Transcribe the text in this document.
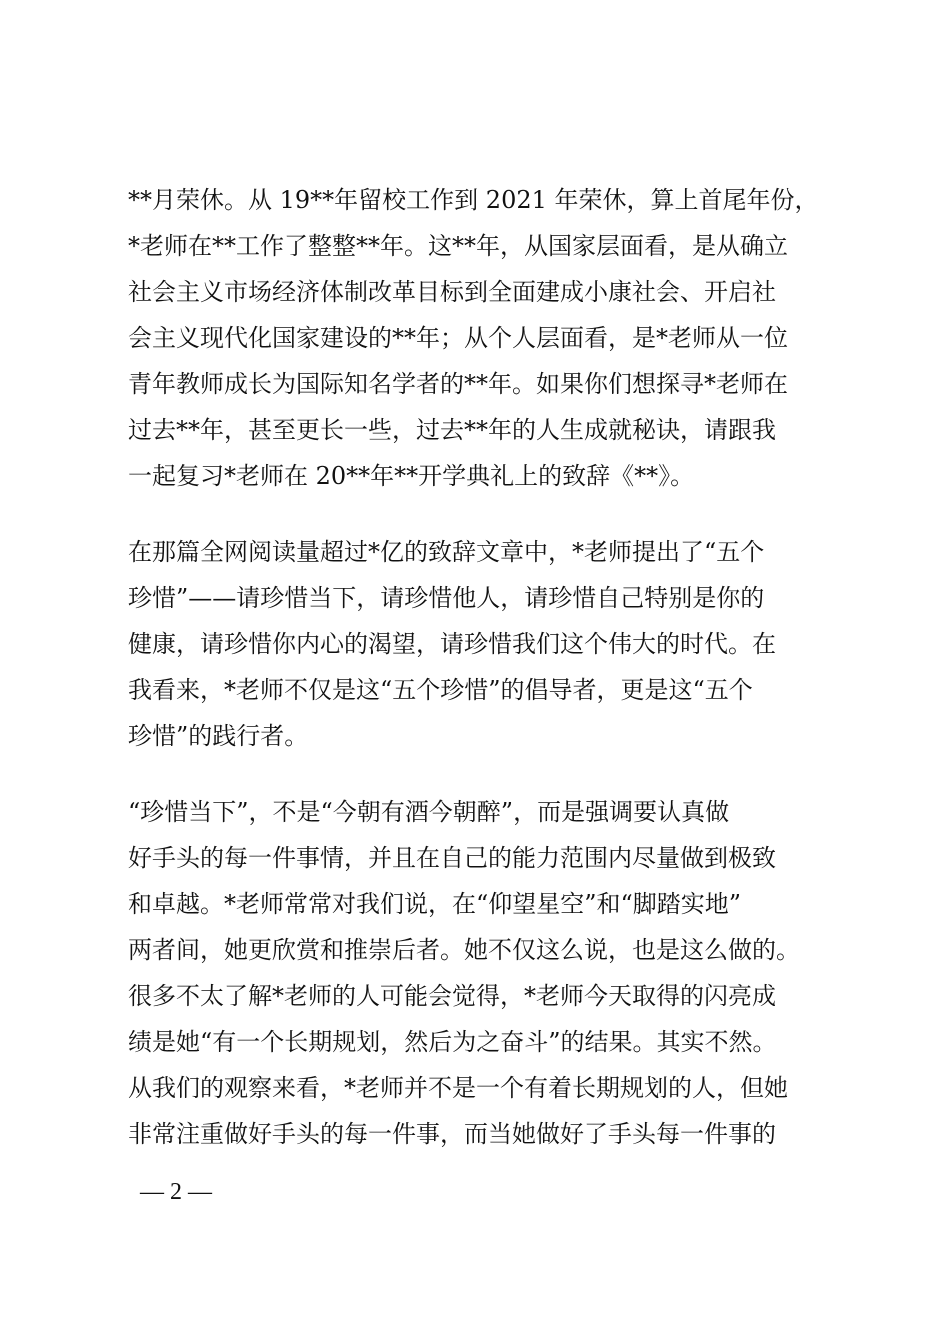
**月荣休。从 19**年留校工作到 2021 年荣休，算上首尾年份，
*老师在**工作了整整**年。这**年，从国家层面看，是从确立
社会主义市场经济体制改革目标到全面建成小康社会、开启社
会主义现代化国家建设的**年；从个人层面看，是*老师从一位
青年教师成长为国际知名学者的**年。如果你们想探寻*老师在
过去**年，甚至更长一些，过去**年的人生成就秘诀，请跟我
一起复习*老师在 20**年**开学典礼上的致辞《**》。
在那篇全网阅读量超过*亿的致辞文章中，*老师提出了“五个
珍惜”——请珍惜当下，请珍惜他人，请珍惜自己特别是你的
健康，请珍惜你内心的渴望，请珍惜我们这个伟大的时代。在
我看来，*老师不仅是这“五个珍惜”的倡导者，更是这“五个
珍惜”的践行者。
“珍惜当下”，不是“今朝有酒今朝醉”，而是强调要认真做
好手头的每一件事情，并且在自己的能力范围内尽量做到极致
和卓越。*老师常常对我们说，在“仰望星空”和“脚踏实地”
两者间，她更欣赏和推崇后者。她不仅这么说，也是这么做的。
很多不太了解*老师的人可能会觉得，*老师今天取得的闪亮成
绩是她“有一个长期规划，然后为之奋斗”的结果。其实不然。
从我们的观察来看，*老师并不是一个有着长期规划的人，但她
非常注重做好手头的每一件事，而当她做好了手头每一件事的
— 2 —
